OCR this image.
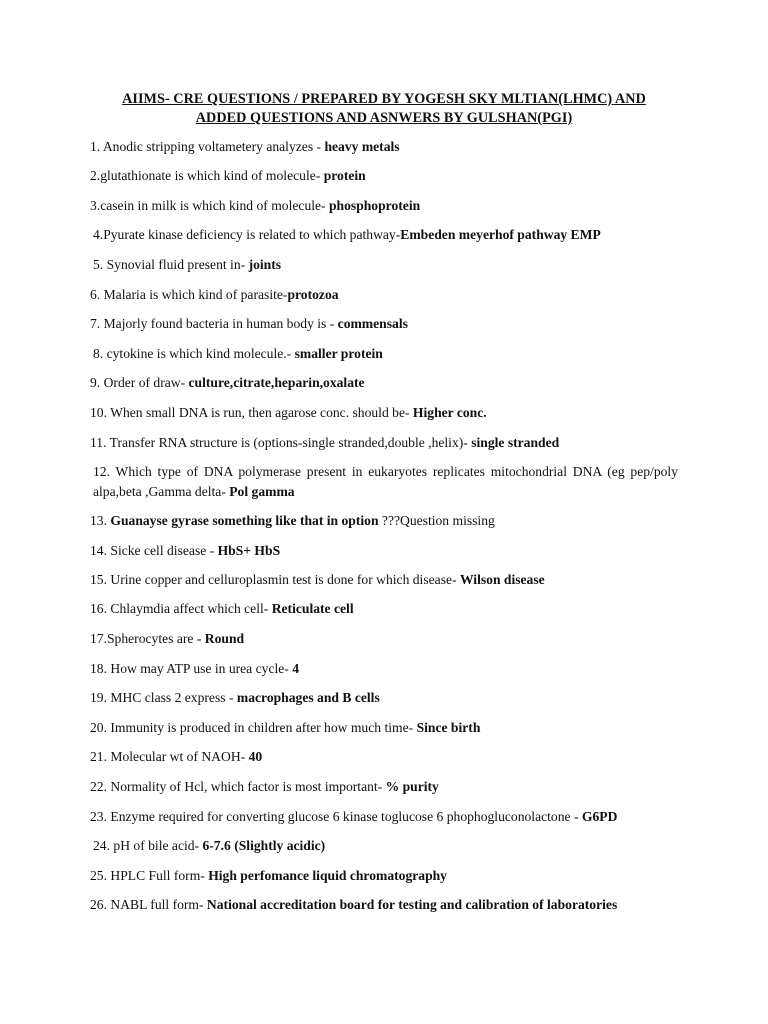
AIIMS- CRE QUESTIONS / PREPARED BY YOGESH SKY MLTIAN(LHMC) AND
ADDED QUESTIONS AND ASNWERS BY GULSHAN(PGI)
1. Anodic stripping voltametery analyzes - heavy metals
2.glutathionate is which kind of molecule- protein
3.casein in milk is which kind of molecule- phosphoprotein
4.Pyurate kinase deficiency is related to which pathway-Embeden meyerhof pathway EMP
5. Synovial fluid present in- joints
6. Malaria is which kind of parasite-protozoa
7. Majorly found bacteria in human body is - commensals
8. cytokine is which kind molecule.- smaller protein
9. Order of draw- culture,citrate,heparin,oxalate
10. When small DNA is run, then agarose conc. should be- Higher conc.
11. Transfer RNA structure is (options-single stranded,double ,helix)- single stranded
12. Which type of DNA polymerase present in eukaryotes replicates mitochondrial DNA (eg pep/poly alpa,beta ,Gamma delta- Pol gamma
13. Guanayse gyrase something like that in option ???Question missing
14. Sicke cell disease - HbS+ HbS
15. Urine copper and celluroplasmin test is done for which disease- Wilson disease
16. Chlaymdia affect which cell- Reticulate cell
17.Spherocytes are - Round
18. How may ATP use in urea cycle- 4
19. MHC class 2 express - macrophages and B cells
20. Immunity is produced in children after how much time- Since birth
21. Molecular wt of NAOH- 40
22. Normality of Hcl, which factor is most important- % purity
23. Enzyme required for converting glucose 6 kinase toglucose 6 phophogluconolactone - G6PD
24. pH of bile acid- 6-7.6 (Slightly acidic)
25. HPLC Full form- High perfomance liquid chromatography
26. NABL full form- National accreditation board for testing and calibration of laboratories
